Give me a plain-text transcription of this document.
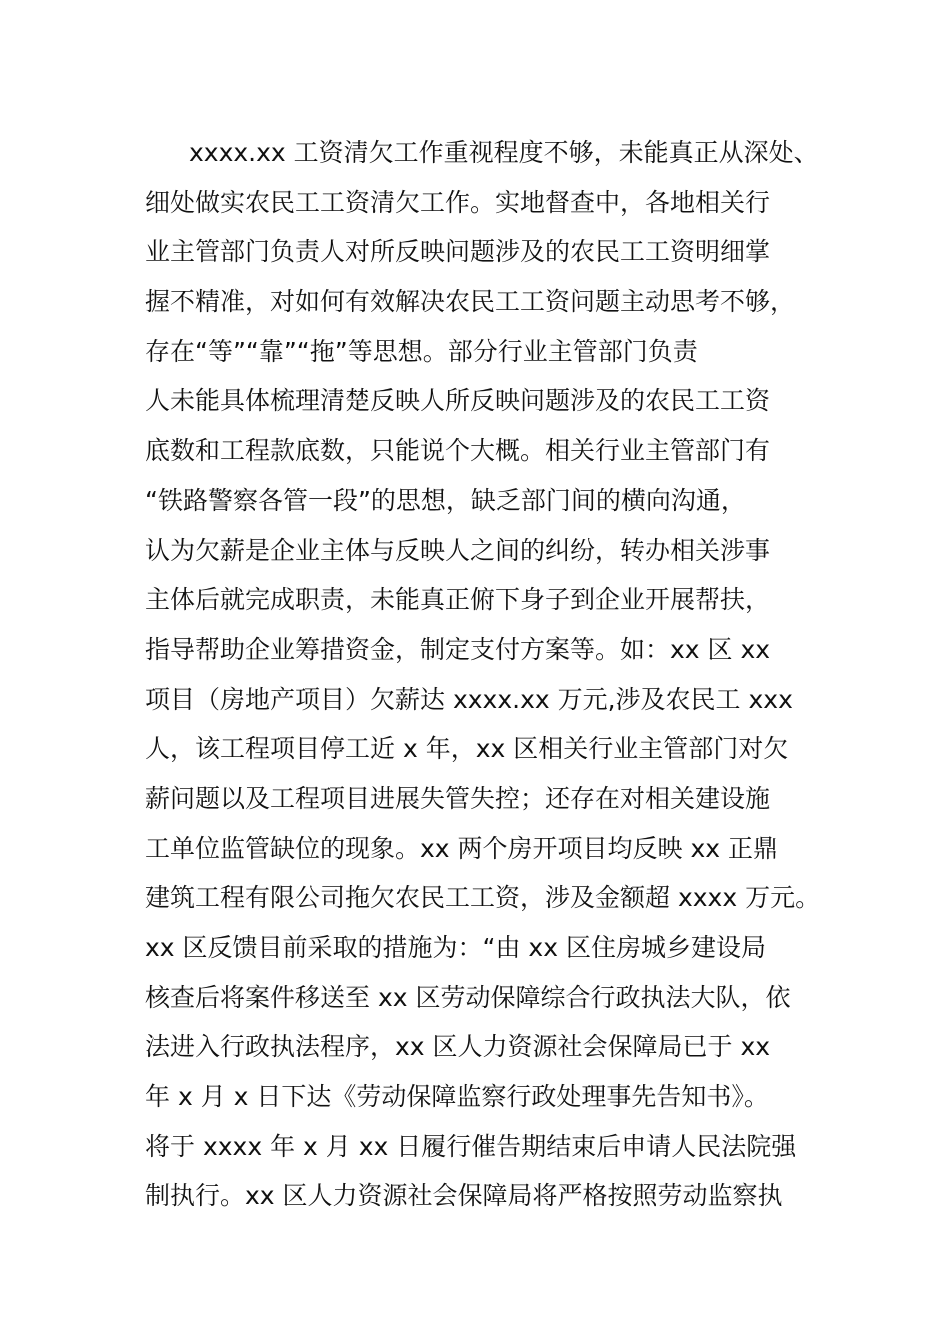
xxxx.xx 工资清欠工作重视程度不够，未能真正从深处、
细处做实农民工工资清欠工作。实地督查中，各地相关行
业主管部门负责人对所反映问题涉及的农民工工资明细掌
握不精准，对如何有效解决农民工工资问题主动思考不够，
存在“等”“靠”“拖”等思想。部分行业主管部门负责
人未能具体梳理清楚反映人所反映问题涉及的农民工工资
底数和工程款底数，只能说个大概。相关行业主管部门有
“铁路警察各管一段”的思想，缺乏部门间的横向沟通，
认为欠薪是企业主体与反映人之间的纠纷，转办相关涉事
主体后就完成职责，未能真正俯下身子到企业开展帮扶，
指导帮助企业筹措资金，制定支付方案等。如：xx 区 xx
项目（房地产项目）欠薪达 xxxx.xx 万元,涉及农民工 xxx
人，该工程项目停工近 x 年，xx 区相关行业主管部门对欠
薪问题以及工程项目进展失管失控；还存在对相关建设施
工单位监管缺位的现象。xx 两个房开项目均反映 xx 正鼎
建筑工程有限公司拖欠农民工工资，涉及金额超 xxxx 万元。
xx 区反馈目前采取的措施为：“由 xx 区住房城乡建设局
核查后将案件移送至 xx 区劳动保障综合行政执法大队，依
法进入行政执法程序，xx 区人力资源社会保障局已于 xx
年 x 月 x 日下达《劳动保障监察行政处理事先告知书》。
将于 xxxx 年 x 月 xx 日履行催告期结束后申请人民法院强
制执行。xx 区人力资源社会保障局将严格按照劳动监察执
